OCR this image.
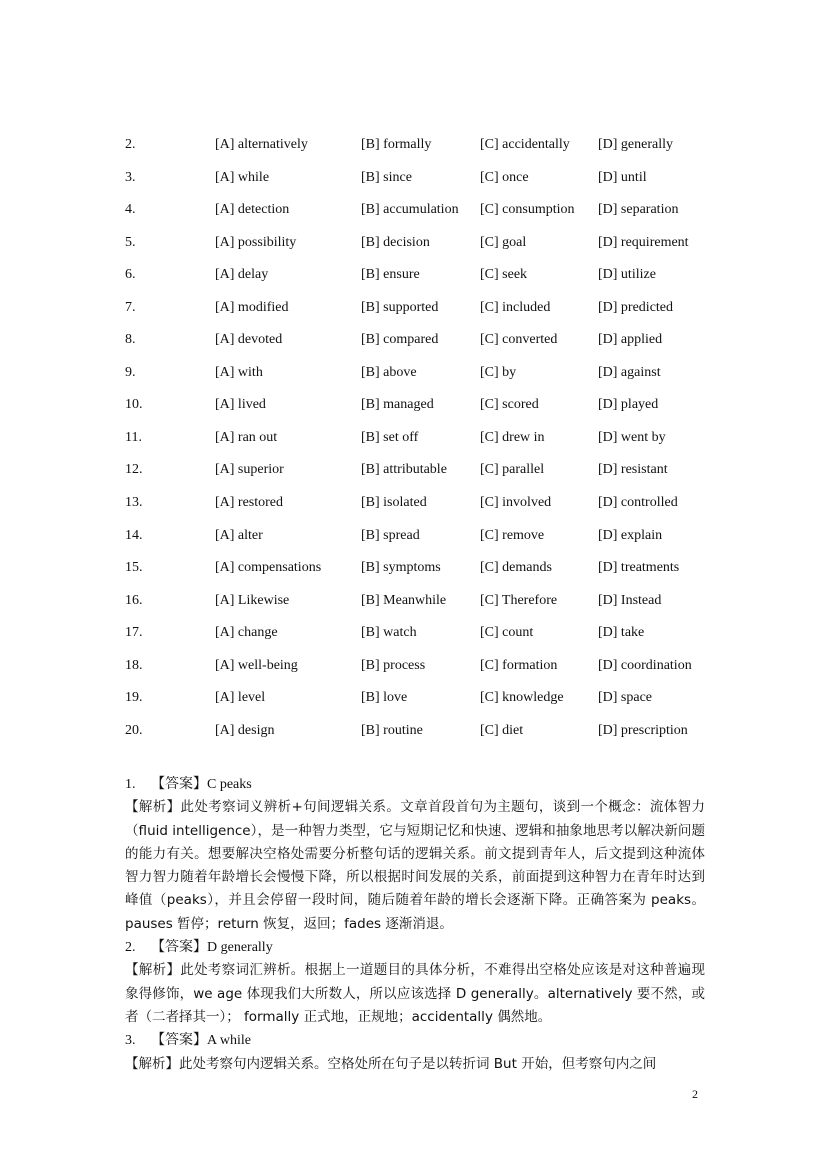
2.	[A] alternatively	[B] formally	[C] accidentally [D] generally
3.	[A] while	[B] since	[C] once	[D] until
4.	[A] detection	[B] accumulation [C] consumption [D] separation
5.	[A] possibility	[B] decision	[C] goal	[D] requirement
6.	[A] delay	[B] ensure	[C] seek	[D] utilize
7.	[A] modified	[B] supported	[C] included	[D] predicted
8.	[A] devoted	[B] compared	[C] converted	[D] applied
9.	[A] with	[B] above	[C] by	[D] against
10.	[A] lived	[B] managed	[C] scored	[D] played
11.	[A] ran out	[B] set off	[C] drew in	[D] went by
12.	[A] superior	[B] attributable [C] parallel	[D] resistant
13.	[A] restored	[B] isolated	[C] involved	[D] controlled
14.	[A] alter	[B] spread	[C] remove	[D] explain
15.	[A] compensations	[B] symptoms	[C] demands	[D] treatments
16.	[A] Likewise	[B] Meanwhile [C] Therefore	[D] Instead
17.	[A] change	[B] watch	[C] count	[D] take
18.	[A] well-being	[B] process	[C] formation	[D] coordination
19.	[A] level	[B] love	[C] knowledge [D] space
20.	[A] design	[B] routine	[C] diet	[D] prescription
1. 【答案】C peaks
【解析】此处考察词义辨析+句间逻辑关系。文章首段首句为主题句，谈到一个概念：流体智力（fluid intelligence），是一种智力类型，它与短期记忆和快速、逻辑和抽象地思考以解决新问题的能力有关。想要解决空格处需要分析整句话的逻辑关系。前文提到青年人，后文提到这种流体智力智力随着年龄增长会慢慢下降，所以根据时间发展的关系，前面提到这种智力在青年时达到峰值（peaks），并且会停留一段时间，随后随着年龄的增长会逐渐下降。正确答案为 peaks。pauses 暂停；return 恢复，返回；fades 逐渐消退。
2. 【答案】D generally
【解析】此处考察词汇辨析。根据上一道题目的具体分析，不难得出空格处应该是对这种普遍现象得修饰，we age 体现我们大所数人，所以应该选择 D generally。alternatively 要不然，或者（二者择其一）； formally 正式地，正规地；accidentally 偶然地。
3. 【答案】A while
【解析】此处考察句内逻辑关系。空格处所在句子是以转折词 But 开始，但考察句内之间
2
